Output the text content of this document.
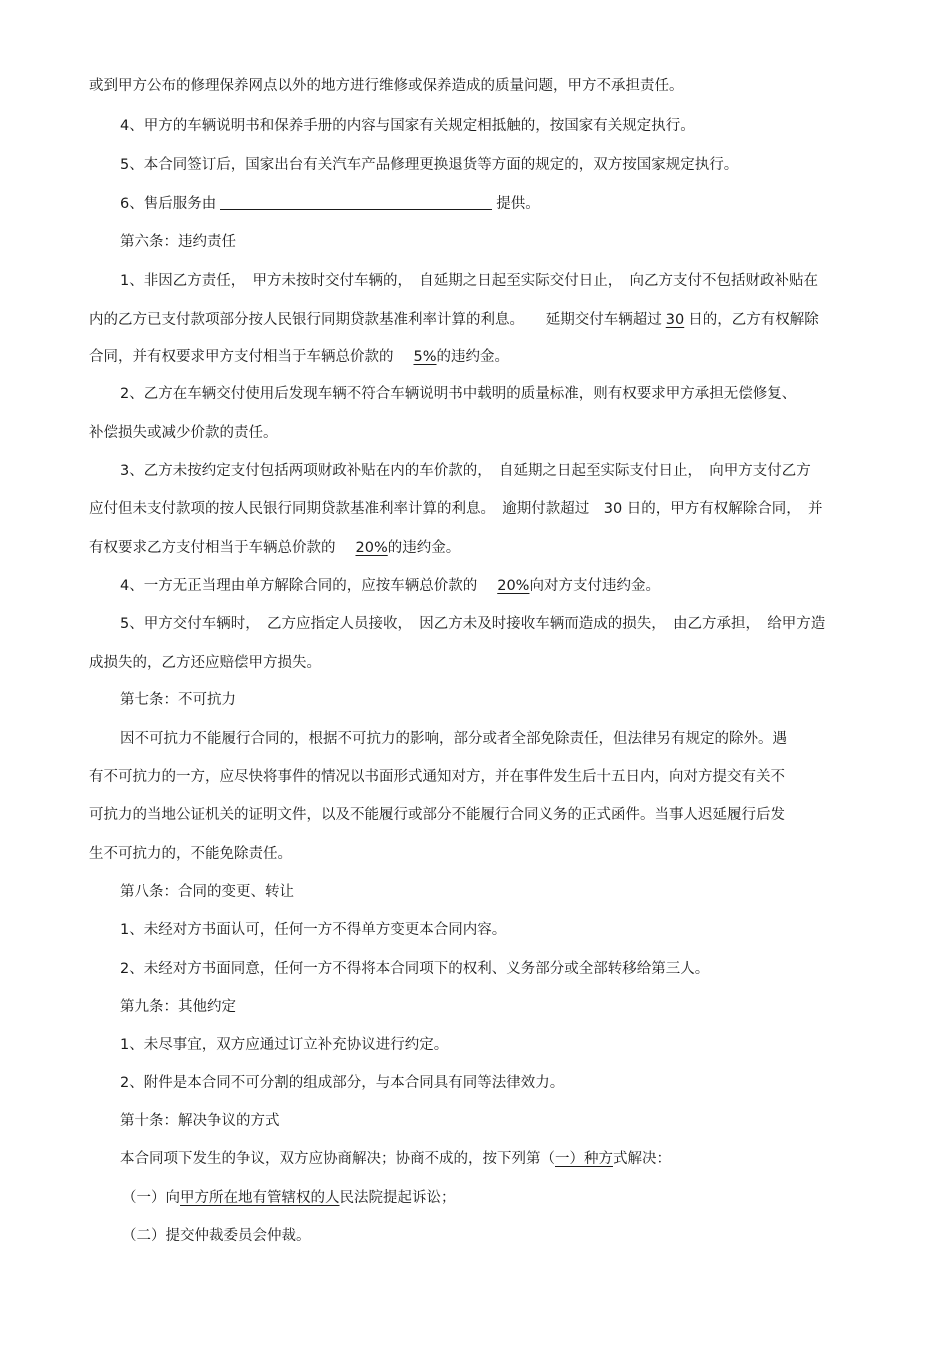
或到甲方公布的修理保养网点以外的地方进行维修或保养造成的质量问题，甲方不承担责任。
4、甲方的车辆说明书和保养手册的内容与国家有关规定相抵触的，按国家有关规定执行。
5、本合同签订后，国家出台有关汽车产品修理更换退货等方面的规定的，双方按国家规定执行。
6、售后服务由	提供。
第六条：违约责任
1、非因乙方责任，　甲方未按时交付车辆的，　自延期之日起至实际交付日止，　向乙方支付不包括财政补贴在
内的乙方已支付款项部分按人民银行同期贷款基准利率计算的利息。　　延期交付车辆超过 30 日的，乙方有权解除
合同，并有权要求甲方支付相当于车辆总价款的 5%的违约金。
2、乙方在车辆交付使用后发现车辆不符合车辆说明书中载明的质量标准，则有权要求甲方承担无偿修复、
补偿损失或减少价款的责任。
3、乙方未按约定支付包括两项财政补贴在内的车价款的，　自延期之日起至实际支付日止，　向甲方支付乙方
应付但未支付款项的按人民银行同期贷款基准利率计算的利息。　逾期付款超过　30 日的，甲方有权解除合同，　并
有权要求乙方支付相当于车辆总价款的 20%的违约金。
4、一方无正当理由单方解除合同的，应按车辆总价款的 20%向对方支付违约金。
5、甲方交付车辆时，　乙方应指定人员接收，　因乙方未及时接收车辆而造成的损失，　由乙方承担，　给甲方造
成损失的，乙方还应赔偿甲方损失。
第七条：不可抗力
因不可抗力不能履行合同的，根据不可抗力的影响，部分或者全部免除责任，但法律另有规定的除外。遇
有不可抗力的一方，应尽快将事件的情况以书面形式通知对方，并在事件发生后十五日内，向对方提交有关不
可抗力的当地公证机关的证明文件，以及不能履行或部分不能履行合同义务的正式函件。当事人迟延履行后发
生不可抗力的，不能免除责任。
第八条：合同的变更、转让
1、未经对方书面认可，任何一方不得单方变更本合同内容。
2、未经对方书面同意，任何一方不得将本合同项下的权利、义务部分或全部转移给第三人。
第九条：其他约定
1、未尽事宜，双方应通过订立补充协议进行约定。
2、附件是本合同不可分割的组成部分，与本合同具有同等法律效力。
第十条：解决争议的方式
本合同项下发生的争议，双方应协商解决；协商不成的，按下列第（一）种方式解决：
（一）向甲方所在地有管辖权的人民法院提起诉讼；
（二）提交仲裁委员会仲裁。
